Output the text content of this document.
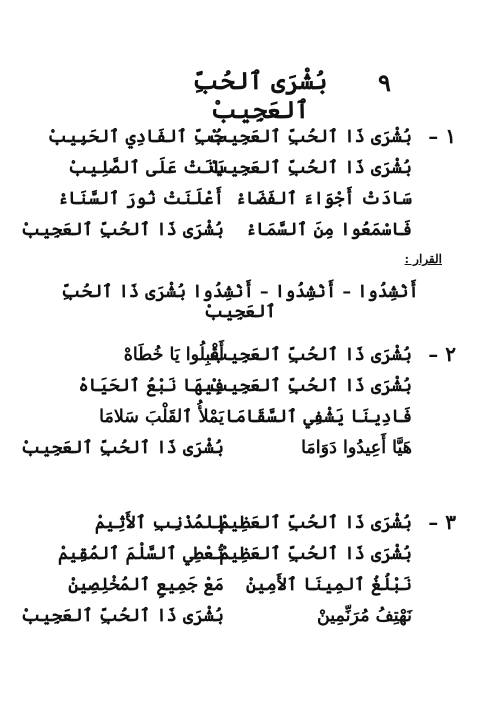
بُشْرَى ٱلحُبِّ ٱلعَجِيبْ
٩
١ –
بُشْرَى ذَا ٱلحُبِّ ٱلعَجِيبْ
حُبِّ ٱلفَادِي ٱلحَبِيبْ
بُشْرَى ذَا ٱلحُبِّ ٱلعَجِيبْ
بَانَتْ عَلَى ٱلصَّلِيبْ
سَادَتْ أَجْوَاءَ ٱلفَضَاءْ
أَعْلَنَتْ نُورَ ٱلسَّنَاءْ
فَاسْمَعُوا مِنَ ٱلسَّمَاءْ
بُشْرَى ذَا ٱلحُبِّ ٱلعَجِيبْ
القرار :
أَنْشِدُوا – أَنْشِدُوا – أَنْشِدُوا بُشْرَى ذَا ٱلحُبِّ ٱلعَجِيبْ
٢ –
بُشْرَى ذَا ٱلحُبِّ ٱلعَجِيبْ
أَقْبِلُوا يَا خُطَاهْ
بُشْرَى ذَا ٱلحُبِّ ٱلعَجِيبْ
فِيهَا نَبْعُ ٱلحَيَاهْ
فَادِينَا يَشْفِي ٱلسَّقَامَا
يَمْلأُ ٱلقَلْبَ سَلامَا
هَيَّا أَعِيدُوا دَوَامَا
بُشْرَى ذَا ٱلحُبِّ ٱلعَجِيبْ
٣ –
بُشْرَى ذَا ٱلحُبِّ ٱلعَظِيمْ
لِلمُذْنِبِ ٱلأَثِيمْ
بُشْرَى ذَا ٱلحُبِّ ٱلعَظِيمْ
تُعْطِي ٱلسَّلْمَ ٱلمُقِيمْ
نَبْلُغُ ٱلمِينَا ٱلأَمِينْ
مَعْ جَمِيعِ ٱلمُخْلِصِينْ
نَهْتِفُ مُرَنِّمِينْ
بُشْرَى ذَا ٱلحُبِّ ٱلعَجِيبْ
